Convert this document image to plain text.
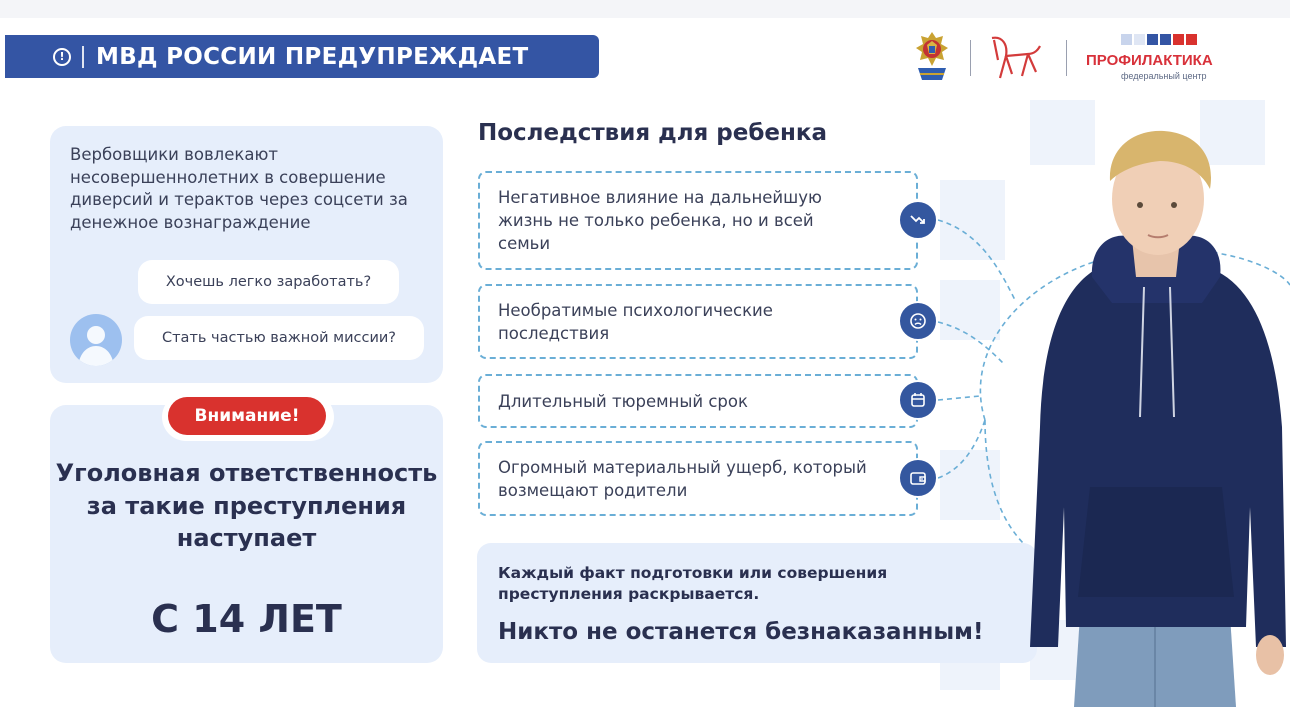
! МВД РОССИИ ПРЕДУПРЕЖДАЕТ	ПРОФИЛАКТИКА
федеральный центр
Вербовщики вовлекают несовершеннолетних в совершение диверсий и терактов через соцсети за денежное вознаграждение
Хочешь легко заработать?
Стать частью важной миссии?
Внимание!
Уголовная ответственность за такие преступления наступает
С 14 ЛЕТ
Последствия для ребенка
Негативное влияние на дальнейшую жизнь не только ребенка, но и всей семьи
Необратимые психологические последствия
Длительный тюремный срок
Огромный материальный ущерб, который возмещают родители
Каждый факт подготовки или совершения преступления раскрывается.
Никто не останется безнаказанным!
